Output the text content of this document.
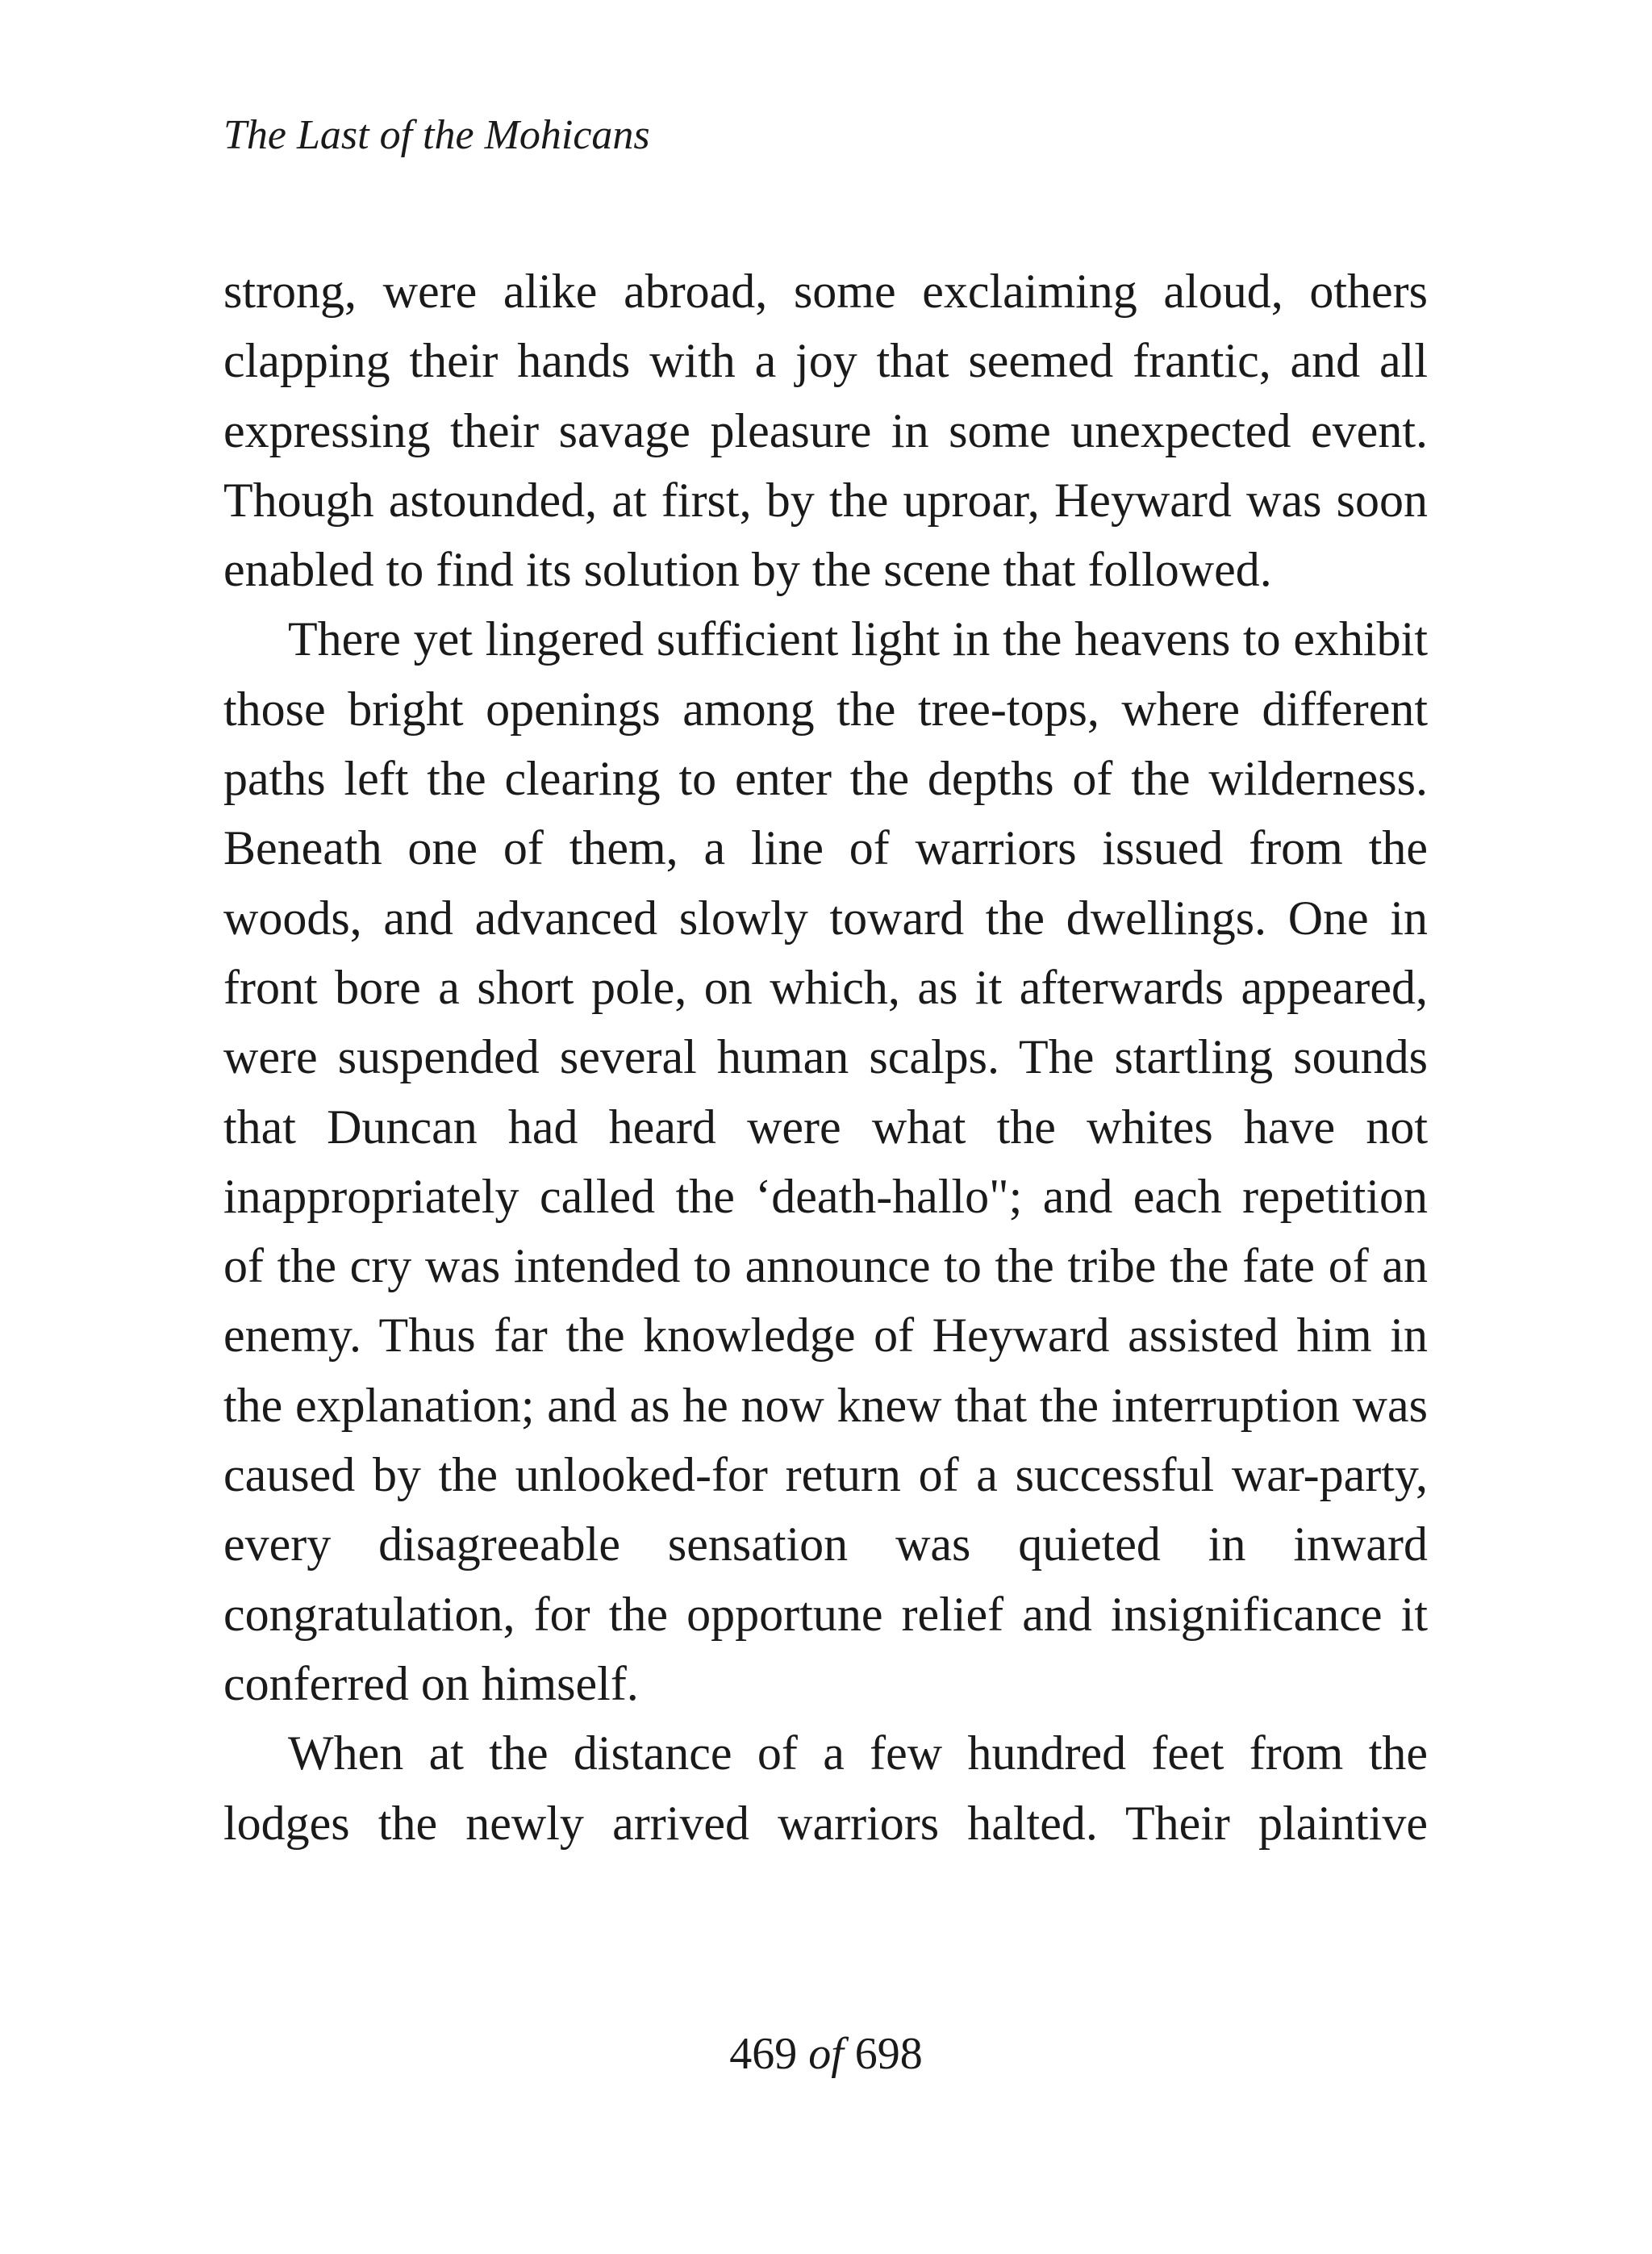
The Last of the Mohicans

strong, were alike abroad, some exclaiming aloud, others clapping their hands with a joy that seemed frantic, and all expressing their savage pleasure in some unexpected event. Though astounded, at first, by the uproar, Heyward was soon enabled to find its solution by the scene that followed.

There yet lingered sufficient light in the heavens to exhibit those bright openings among the tree-tops, where different paths left the clearing to enter the depths of the wilderness. Beneath one of them, a line of warriors issued from the woods, and advanced slowly toward the dwellings. One in front bore a short pole, on which, as it afterwards appeared, were suspended several human scalps. The startling sounds that Duncan had heard were what the whites have not inappropriately called the ‘death-hallo"; and each repetition of the cry was intended to announce to the tribe the fate of an enemy. Thus far the knowledge of Heyward assisted him in the explanation; and as he now knew that the interruption was caused by the unlooked-for return of a successful war-party, every disagreeable sensation was quieted in inward congratulation, for the opportune relief and insignificance it conferred on himself.

When at the distance of a few hundred feet from the lodges the newly arrived warriors halted. Their plaintive

469 of 698
